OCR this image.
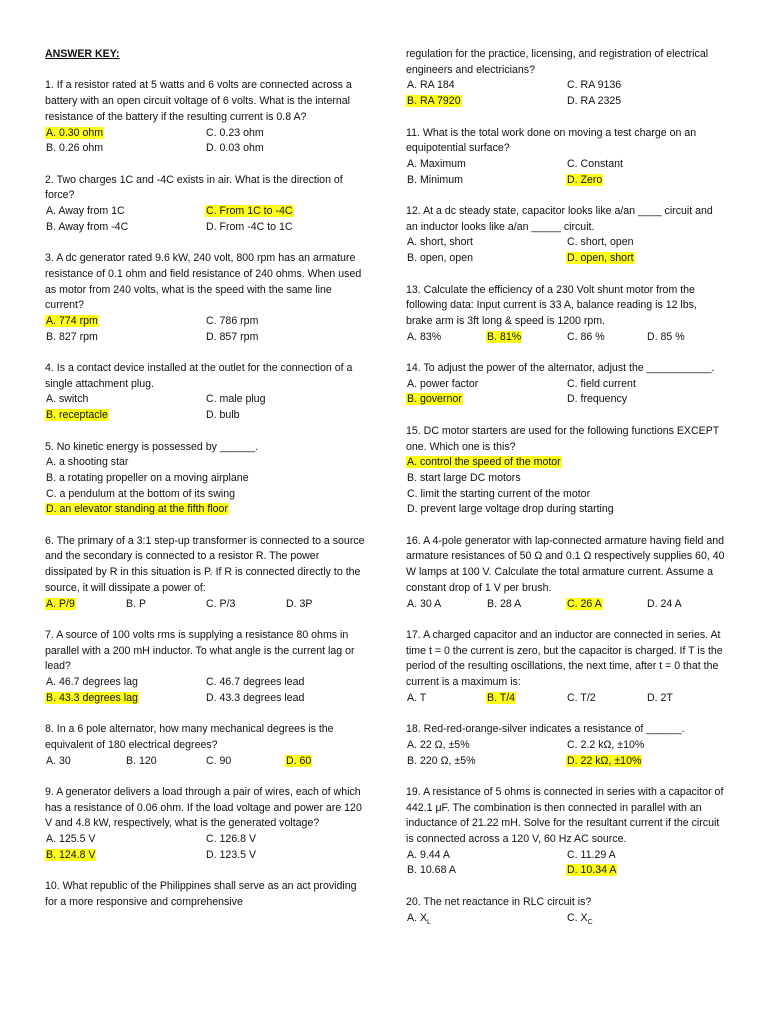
ANSWER KEY:
1. If a resistor rated at 5 watts and 6 volts are connected across a battery with an open circuit voltage of 6 volts. What is the internal resistance of the battery if the resulting current is 0.8 A?
A. 0.30 ohm	C. 0.23 ohm
B. 0.26 ohm	D. 0.03 ohm
2. Two charges 1C and -4C exists in air. What is the direction of force?
A. Away from 1C	C. From 1C to -4C
B. Away from -4C	D. From -4C to 1C
3. A dc generator rated 9.6 kW, 240 volt, 800 rpm has an armature resistance of 0.1 ohm and field resistance of 240 ohms. When used as motor from 240 volts, what is the speed with the same line current?
A. 774 rpm	C. 786 rpm
B. 827 rpm	D. 857 rpm
4. Is a contact device installed at the outlet for the connection of a single attachment plug.
A. switch	C. male plug
B. receptacle	D. bulb
5. No kinetic energy is possessed by ______.
A. a shooting star
B. a rotating propeller on a moving airplane
C. a pendulum at the bottom of its swing
D. an elevator standing at the fifth floor
6. The primary of a 3:1 step-up transformer is connected to a source and the secondary is connected to a resistor R. The power dissipated by R in this situation is P. If R is connected directly to the source, it will dissipate a power of:
A. P/9	B. P	C. P/3	D. 3P
7. A source of 100 volts rms is supplying a resistance 80 ohms in parallel with a 200 mH inductor. To what angle is the current lag or lead?
A. 46.7 degrees lag	C. 46.7 degrees lead
B. 43.3 degrees lag	D. 43.3 degrees lead
8. In a 6 pole alternator, how many mechanical degrees is the equivalent of 180 electrical degrees?
A. 30	B. 120	C. 90	D. 60
9. A generator delivers a load through a pair of wires, each of which has a resistance of 0.06 ohm. If the load voltage and power are 120 V and 4.8 kW, respectively, what is the generated voltage?
A. 125.5 V	C. 126.8 V
B. 124.8 V	D. 123.5 V
10. What republic of the Philippines shall serve as an act providing for a more responsive and comprehensive
regulation for the practice, licensing, and registration of electrical engineers and electricians?
A. RA 184	C. RA 9136
B. RA 7920	D. RA 2325
11. What is the total work done on moving a test charge on an equipotential surface?
A. Maximum	C. Constant
B. Minimum	D. Zero
12. At a dc steady state, capacitor looks like a/an ____ circuit and an inductor looks like a/an _____ circuit.
A. short, short	C. short, open
B. open, open	D. open, short
13. Calculate the efficiency of a 230 Volt shunt motor from the following data: Input current is 33 A, balance reading is 12 lbs, brake arm is 3ft long & speed is 1200 rpm.
A. 83%	B. 81%	C. 86 %	D. 85 %
14. To adjust the power of the alternator, adjust the ___________.
A. power factor	C. field current
B. governor	D. frequency
15. DC motor starters are used for the following functions EXCEPT one. Which one is this?
A. control the speed of the motor
B. start large DC motors
C. limit the starting current of the motor
D. prevent large voltage drop during starting
16. A 4-pole generator with lap-connected armature having field and armature resistances of 50 Ω and 0.1 Ω respectively supplies 60, 40 W lamps at 100 V. Calculate the total armature current. Assume a constant drop of 1 V per brush.
A. 30 A	B. 28 A	C. 26 A	D. 24 A
17. A charged capacitor and an inductor are connected in series. At time t = 0 the current is zero, but the capacitor is charged. If T is the period of the resulting oscillations, the next time, after t = 0 that the current is a maximum is:
A. T	B. T/4	C. T/2	D. 2T
18. Red-red-orange-silver indicates a resistance of ______.
A. 22 Ω, ±5%	C. 2.2 kΩ, ±10%
B. 220 Ω, ±5%	D. 22 kΩ, ±10%
19. A resistance of 5 ohms is connected in series with a capacitor of 442.1 μF. The combination is then connected in parallel with an inductance of 21.22 mH. Solve for the resultant current if the circuit is connected across a 120 V, 60 Hz AC source.
A. 9.44 A	C. 11.29 A
B. 10.68 A	D. 10.34 A
20. The net reactance in RLC circuit is?
A. $X_L$	C. $X_C$
